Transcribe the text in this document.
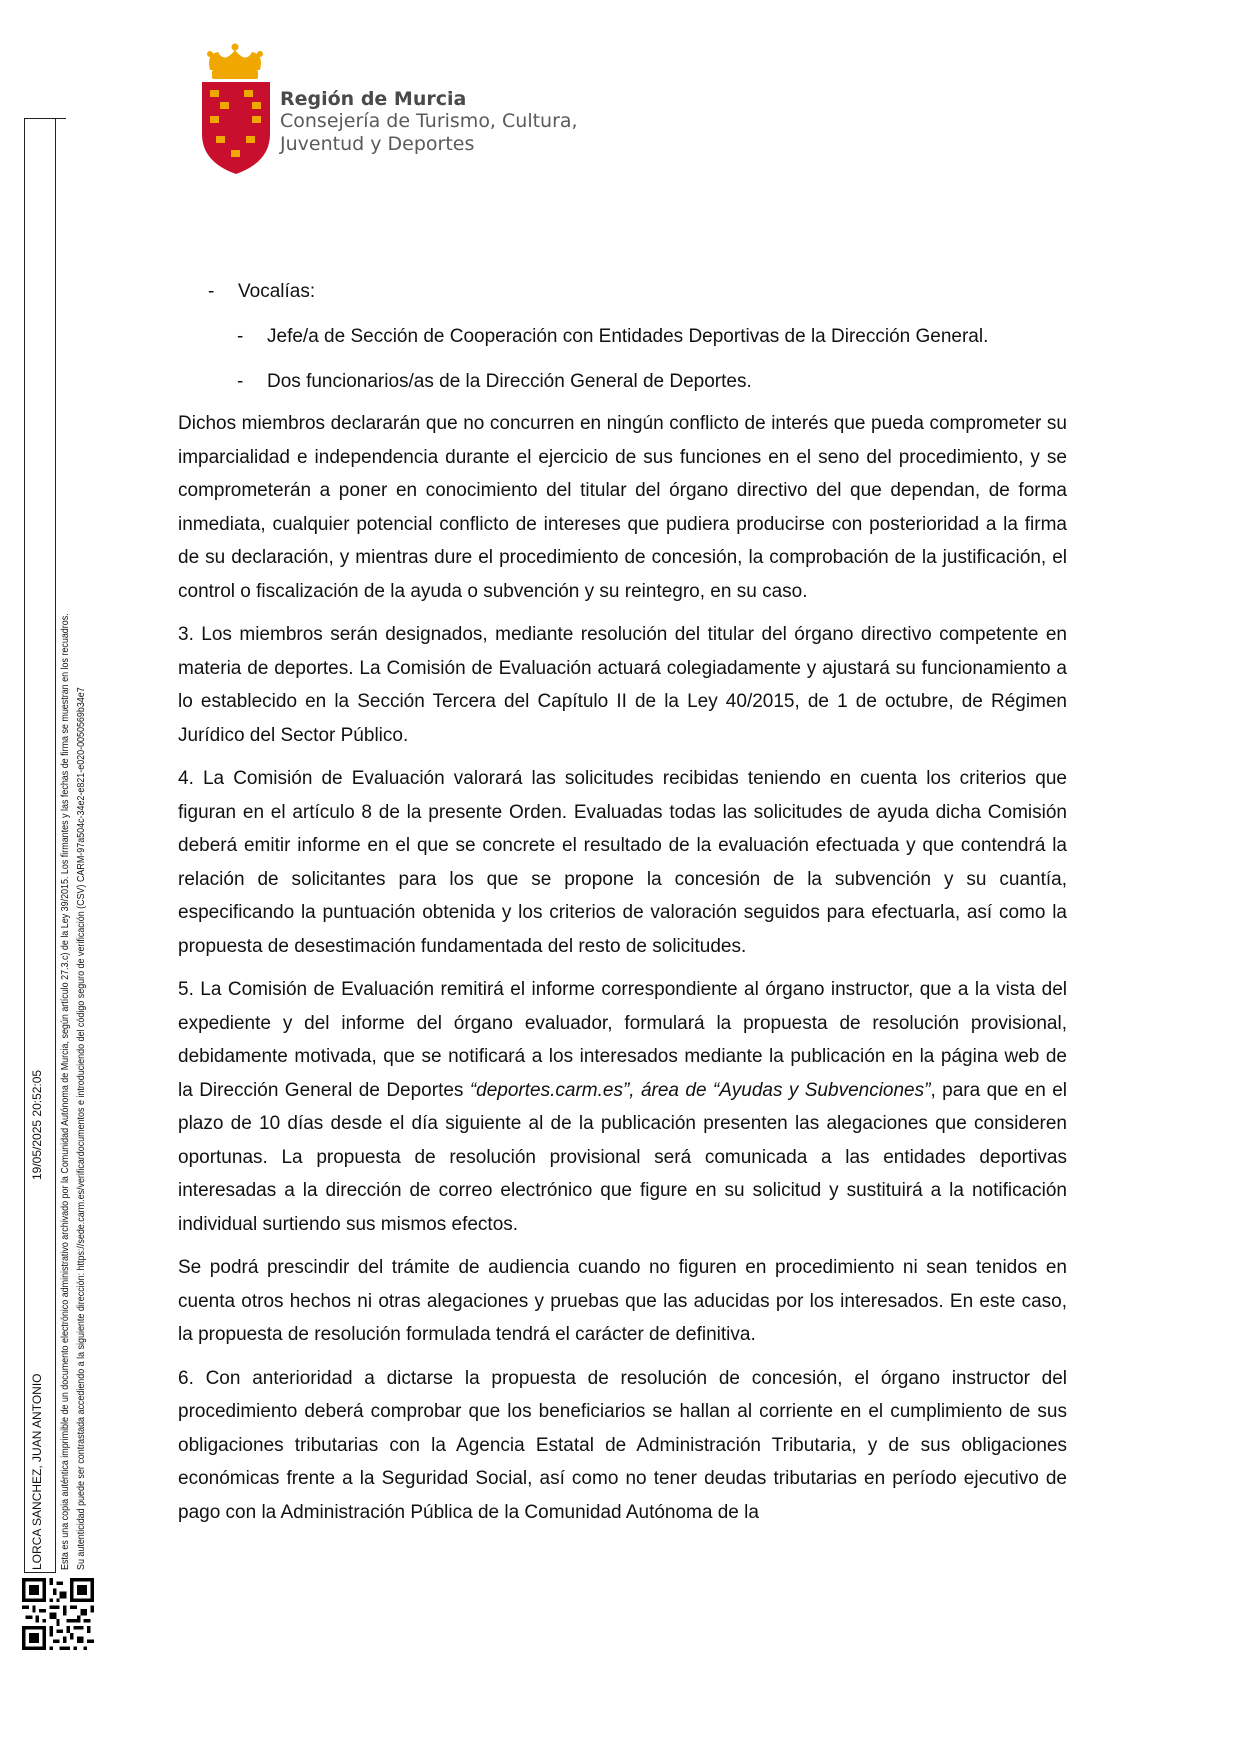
Región de Murcia
Consejería de Turismo, Cultura,
Juventud y Deportes
LORCA SANCHEZ, JUAN ANTONIO
19/05/2025 20:52:05 Esta es una copia auténtica imprimible de un documento electrónico administrativo archivado por la Comunidad Autónoma de Murcia, según artículo 27.3.c) de la Ley 39/2015. Los firmantes y las fechas de firma se muestran en los recuadros. Su autenticidad puede ser contrastada accediendo a la siguiente dirección: https://sede.carm.es/verificardocumentos e introduciendo del código seguro de verificación (CSV) CARM-97a504c-34e2-e821-e020-0050569b34e7
- Vocalías:
- Jefe/a de Sección de Cooperación con Entidades Deportivas de la Dirección General.
- Dos funcionarios/as de la Dirección General de Deportes.

Dichos miembros declararán que no concurren en ningún conflicto de interés que pueda comprometer su imparcialidad e independencia durante el ejercicio de sus funciones en el seno del procedimiento, y se comprometerán a poner en conocimiento del titular del órgano directivo del que dependan, de forma inmediata, cualquier potencial conflicto de intereses que pudiera producirse con posterioridad a la firma de su declaración, y mientras dure el procedimiento de concesión, la comprobación de la justificación, el control o fiscalización de la ayuda o subvención y su reintegro, en su caso.

3. Los miembros serán designados, mediante resolución del titular del órgano directivo competente en materia de deportes. La Comisión de Evaluación actuará colegiadamente y ajustará su funcionamiento a lo establecido en la Sección Tercera del Capítulo II de la Ley 40/2015, de 1 de octubre, de Régimen Jurídico del Sector Público.

4. La Comisión de Evaluación valorará las solicitudes recibidas teniendo en cuenta los criterios que figuran en el artículo 8 de la presente Orden. Evaluadas todas las solicitudes de ayuda dicha Comisión deberá emitir informe en el que se concrete el resultado de la evaluación efectuada y que contendrá la relación de solicitantes para los que se propone la concesión de la subvención y su cuantía, especificando la puntuación obtenida y los criterios de valoración seguidos para efectuarla, así como la propuesta de desestimación fundamentada del resto de solicitudes.

5. La Comisión de Evaluación remitirá el informe correspondiente al órgano instructor, que a la vista del expediente y del informe del órgano evaluador, formulará la propuesta de resolución provisional, debidamente motivada, que se notificará a los interesados mediante la publicación en la página web de la Dirección General de Deportes “deportes.carm.es”, área de “Ayudas y Subvenciones”, para que en el plazo de 10 días desde el día siguiente al de la publicación presenten las alegaciones que consideren oportunas. La propuesta de resolución provisional será comunicada a las entidades deportivas interesadas a la dirección de correo electrónico que figure en su solicitud y sustituirá a la notificación individual surtiendo sus mismos efectos.

Se podrá prescindir del trámite de audiencia cuando no figuren en procedimiento ni sean tenidos en cuenta otros hechos ni otras alegaciones y pruebas que las aducidas por los interesados. En este caso, la propuesta de resolución formulada tendrá el carácter de definitiva.

6. Con anterioridad a dictarse la propuesta de resolución de concesión, el órgano instructor del procedimiento deberá comprobar que los beneficiarios se hallan al corriente en el cumplimiento de sus obligaciones tributarias con la Agencia Estatal de Administración Tributaria, y de sus obligaciones económicas frente a la Seguridad Social, así como no tener deudas tributarias en período ejecutivo de pago con la Administración Pública de la Comunidad Autónoma de la
